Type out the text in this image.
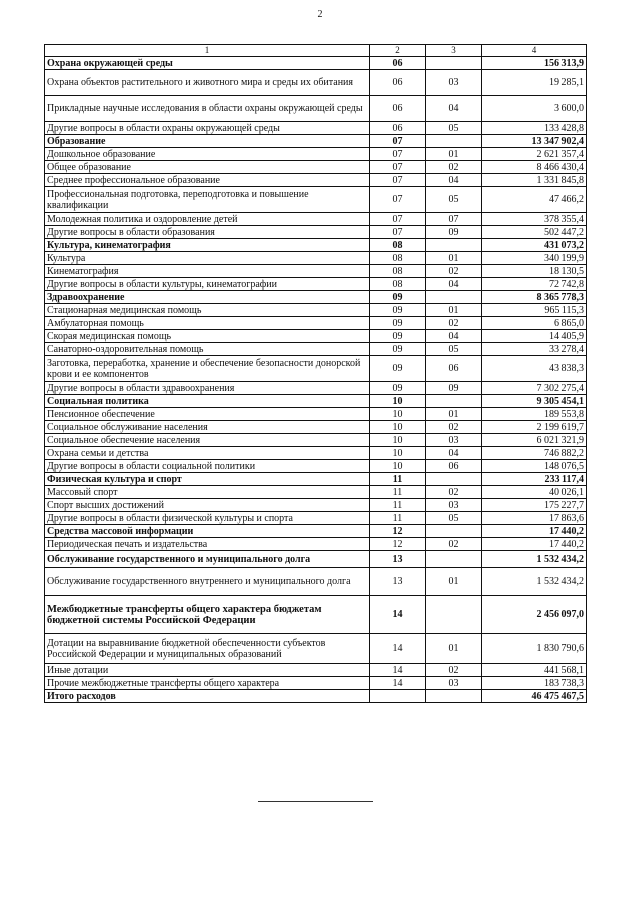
2
1	2	3	4
Охрана окружающей среды	06		156 313,9
Охрана объектов растительного и животного мира и среды их обитания	06	03	19 285,1
Прикладные научные исследования в области охраны окружающей среды	06	04	3 600,0
Другие вопросы в области охраны окружающей среды	06	05	133 428,8
Образование	07		13 347 902,4
Дошкольное образование	07	01	2 621 357,4
Общее образование	07	02	8 466 430,4
Среднее профессиональное образование	07	04	1 331 845,8
Профессиональная подготовка, переподготовка и повышение квалификации	07	05	47 466,2
Молодежная политика и оздоровление детей	07	07	378 355,4
Другие вопросы в области образования	07	09	502 447,2
Культура, кинематография	08		431 073,2
Культура	08	01	340 199,9
Кинематография	08	02	18 130,5
Другие вопросы в области культуры, кинематографии	08	04	72 742,8
Здравоохранение	09		8 365 778,3
Стационарная медицинская помощь	09	01	965 115,3
Амбулаторная помощь	09	02	6 865,0
Скорая медицинская помощь	09	04	14 405,9
Санаторно-оздоровительная помощь	09	05	33 278,4
Заготовка, переработка, хранение и обеспечение безопасности донорской крови и ее компонентов	09	06	43 838,3
Другие вопросы в области здравоохранения	09	09	7 302 275,4
Социальная политика	10		9 305 454,1
Пенсионное обеспечение	10	01	189 553,8
Социальное обслуживание населения	10	02	2 199 619,7
Социальное обеспечение населения	10	03	6 021 321,9
Охрана семьи и детства	10	04	746 882,2
Другие вопросы в области социальной политики	10	06	148 076,5
Физическая культура и спорт	11		233 117,4
Массовый спорт	11	02	40 026,1
Спорт высших достижений	11	03	175 227,7
Другие вопросы в области физической культуры и спорта	11	05	17 863,6
Средства массовой информации	12		17 440,2
Периодическая печать и издательства	12	02	17 440,2
Обслуживание государственного и муниципального долга	13		1 532 434,2
Обслуживание государственного внутреннего и муниципального долга	13	01	1 532 434,2
Межбюджетные трансферты общего характера бюджетам бюджетной системы Российской Федерации	14		2 456 097,0
Дотации на выравнивание бюджетной обеспеченности субъектов Российской Федерации и муниципальных образований	14	01	1 830 790,6
Иные дотации	14	02	441 568,1
Прочие межбюджетные трансферты общего характера	14	03	183 738,3
Итого расходов			46 475 467,5
